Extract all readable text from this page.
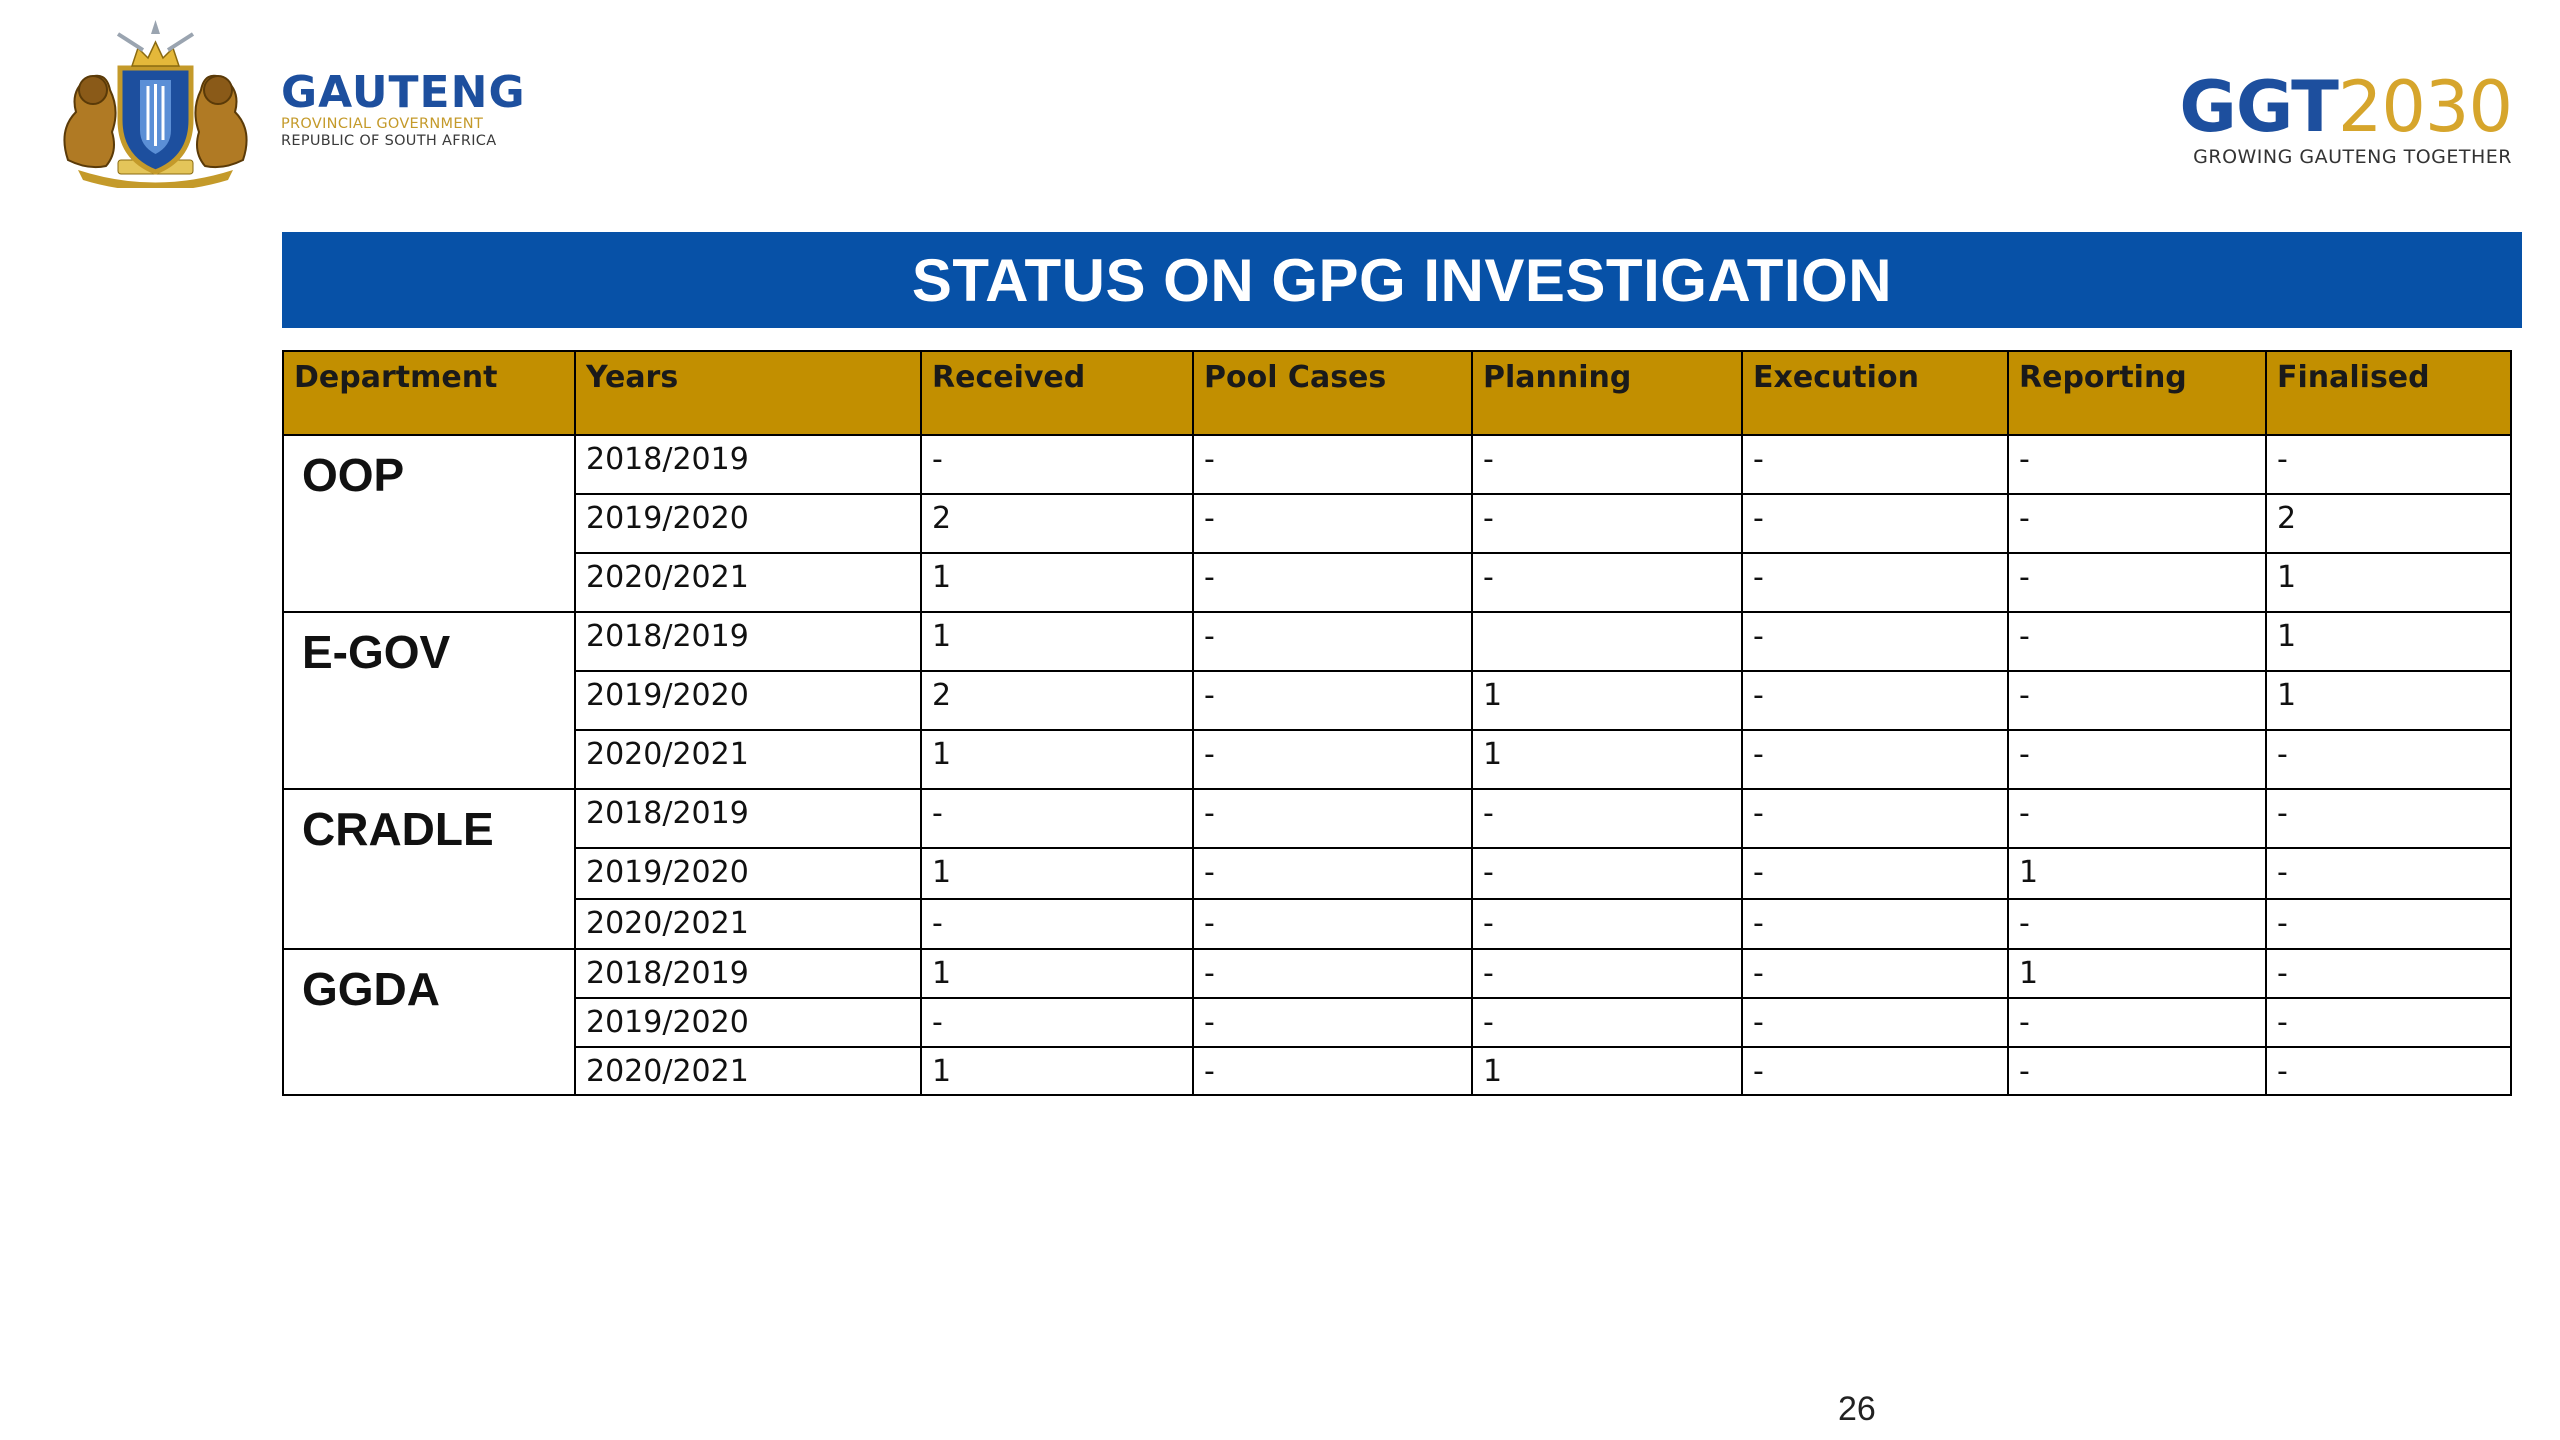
GAUTENG
PROVINCIAL GOVERNMENT
REPUBLIC OF SOUTH AFRICA	GGT2030
GROWING GAUTENG TOGETHER
STATUS ON GPG INVESTIGATION
Department	Years	Received	Pool Cases	Planning	Execution	Reporting	Finalised
OOP	2018/2019	-	-	-	-	-	-
	2019/2020	2	-	-	-	-	2
	2020/2021	1	-	-	-	-	1
E-GOV	2018/2019	1	-		-	-	1
	2019/2020	2	-	1	-	-	1
	2020/2021	1	-	1	-	-	-
CRADLE	2018/2019	-	-	-	-	-	-
	2019/2020	1	-	-	-	1	-
	2020/2021	-	-	-	-	-	-
GGDA	2018/2019	1	-	-	-	1	-
	2019/2020	-	-	-	-	-	-
	2020/2021	1	-	1	-	-	-
26
